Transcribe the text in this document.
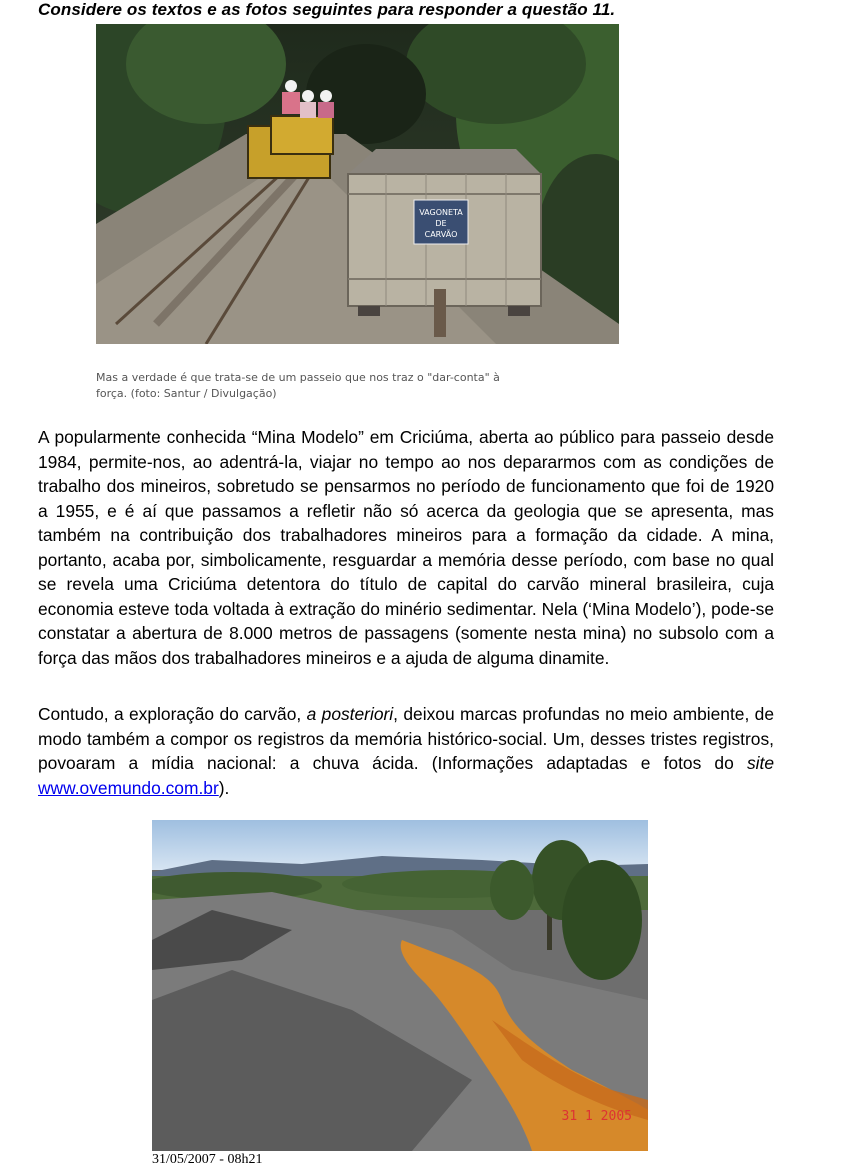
Considere os textos e as fotos seguintes para responder a questão 11.
VAGONETA
DE
CARVÃO
Mas a verdade é que trata-se de um passeio que nos traz o "dar-conta" à
força. (foto: Santur / Divulgação)

A popularmente conhecida “Mina Modelo” em Criciúma, aberta ao público para passeio desde 1984, permite-nos, ao adentrá-la, viajar no tempo ao nos depararmos com as condições de trabalho dos mineiros, sobretudo se pensarmos no período de funcionamento que foi de 1920 a 1955, e é aí que passamos a refletir não só acerca da geologia que se apresenta, mas também na contribuição dos trabalhadores mineiros para a formação da cidade. A mina, portanto, acaba por, simbolicamente, resguardar a memória desse período, com base no qual se revela uma Criciúma detentora do título de capital do carvão mineral brasileira, cuja economia esteve toda voltada à extração do minério sedimentar. Nela (‘Mina Modelo’), pode-se constatar a abertura de 8.000 metros de passagens (somente nesta mina) no subsolo com a força das mãos dos trabalhadores mineiros e a ajuda de alguma dinamite.

Contudo, a exploração do carvão, a posteriori, deixou marcas profundas no meio ambiente, de modo também a compor os registros da memória histórico-social. Um, desses tristes registros, povoaram a mídia nacional: a chuva ácida. (Informações adaptadas e fotos do site www.ovemundo.com.br).

31 1 2005
31/05/2007 - 08h21
